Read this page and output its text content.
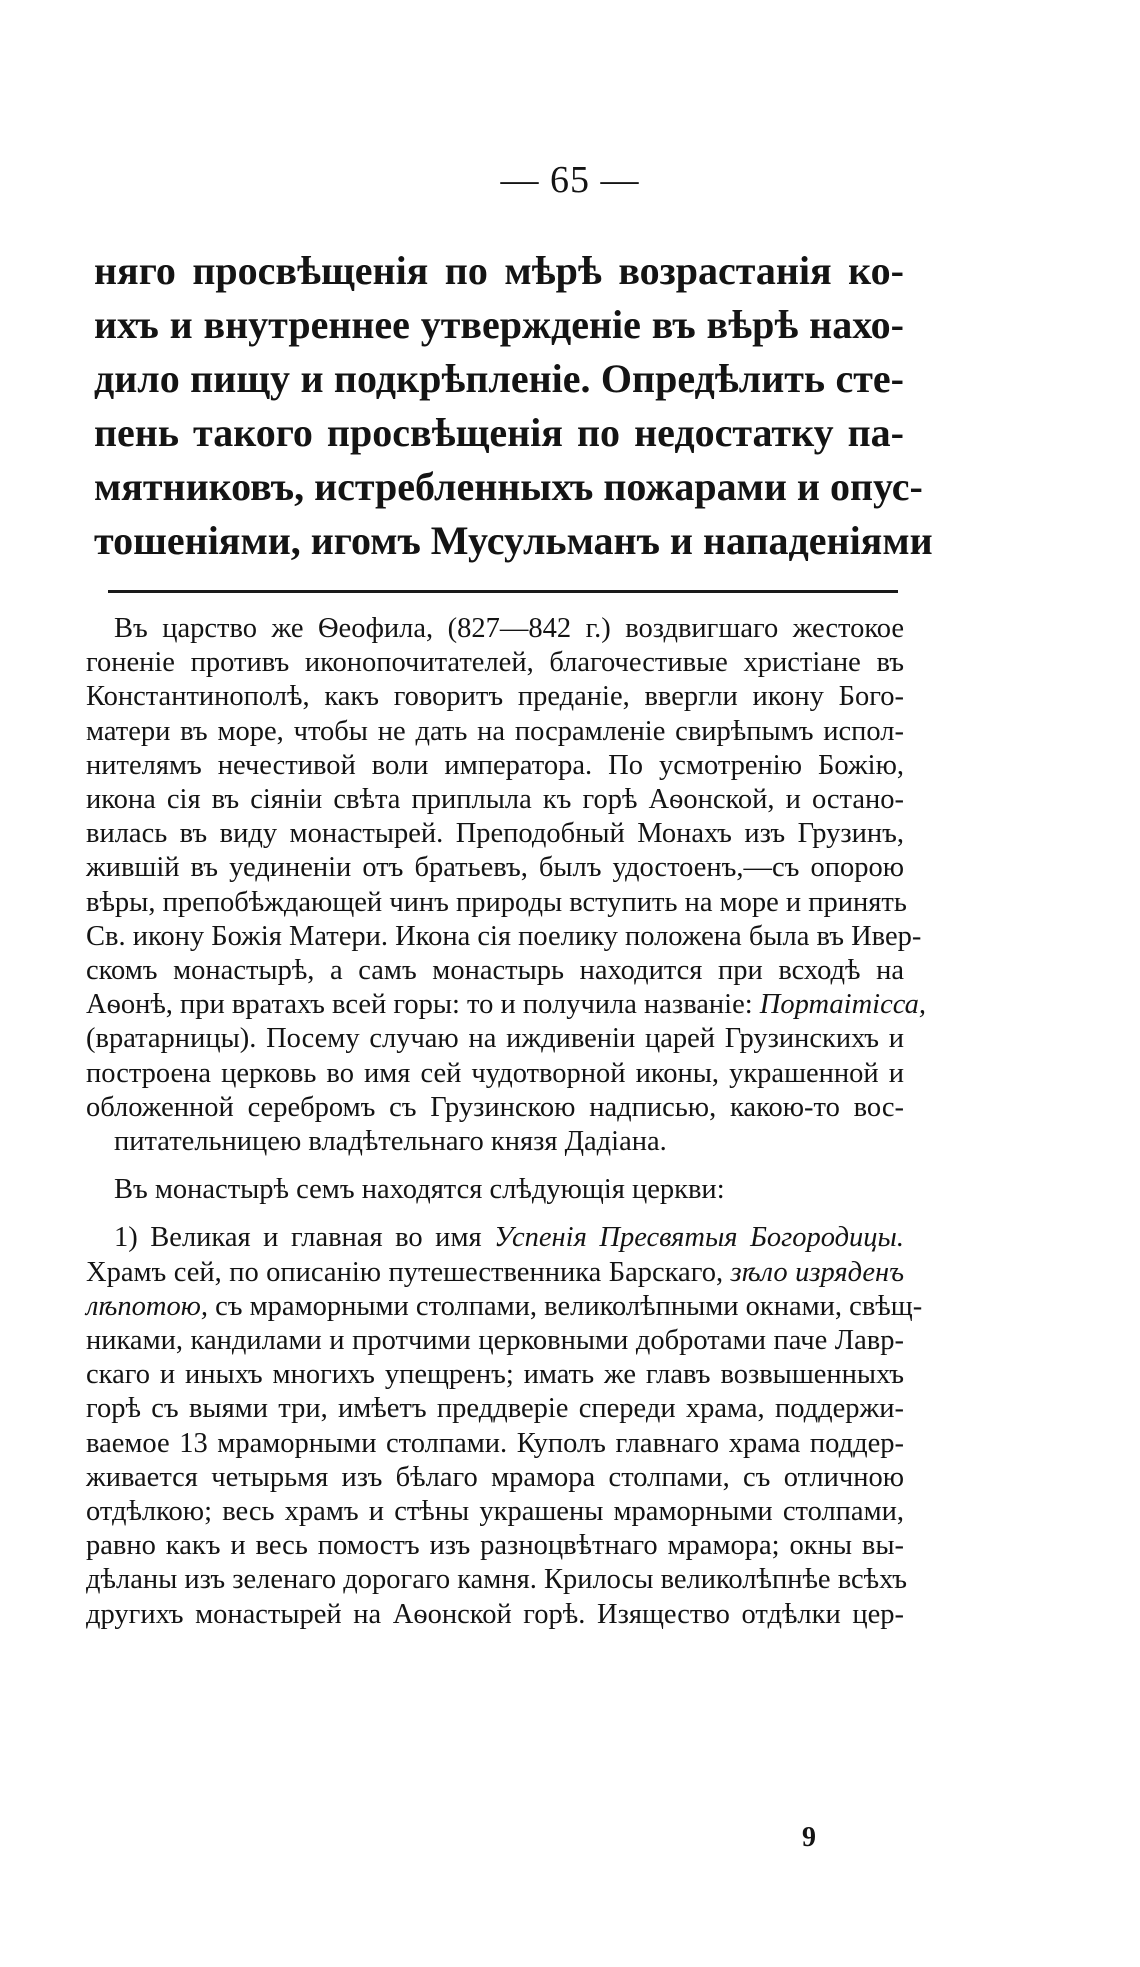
— 65 —
няго просвѣщенія по мѣрѣ возрастанія ко-
ихъ и внутреннее утвержденіе въ вѣрѣ нахо-
дило пищу и подкрѣпленіе. Опредѣлить сте-
пень такого просвѣщенія по недостатку па-
мятниковъ, истребленныхъ пожарами и опус-
тошеніями, игомъ Мусульманъ и нападеніями
Въ царство же Ѳеофила, (827—842 г.) воздвигшаго жестокое
гоненіе противъ иконопочитателей, благочестивые христіане въ
Константинополѣ, какъ говоритъ преданіе, ввергли икону Бого-
матери въ море, чтобы не дать на посрамленіе свирѣпымъ испол-
нителямъ нечестивой воли императора. По усмотренію Божію,
икона сія въ сіяніи свѣта приплыла къ горѣ Аѳонской, и остано-
вилась въ виду монастырей. Преподобный Монахъ изъ Грузинъ,
жившій въ уединеніи отъ братьевъ, былъ удостоенъ,—съ опорою
вѣры, препобѣждающей чинъ природы вступить на море и принять
Св. икону Божія Матери. Икона сія поелику положена была въ Ивер-
скомъ монастырѣ, а самъ монастырь находится при всходѣ на
Аѳонѣ, при вратахъ всей горы: то и получила названіе: Портаітісса,
(вратарницы). Посему случаю на иждивеніи царей Грузинскихъ и
построена церковь во имя сей чудотворной иконы, украшенной и
обложенной серебромъ съ Грузинскою надписью, какою-то вос-
питательницею владѣтельнаго князя Дадіана.
Въ монастырѣ семъ находятся слѣдующія церкви:
1) Великая и главная во имя Успенія Пресвятыя Богородицы.
Храмъ сей, по описанію путешественника Барскаго, зѣло изряденъ
лѣпотою, съ мраморными столпами, великолѣпными окнами, свѣщ-
никами, кандилами и протчими церковными добротами паче Лавр-
скаго и иныхъ многихъ упещренъ; имать же главъ возвышенныхъ
горѣ съ выями три, имѣетъ преддверіе спереди храма, поддержи-
ваемое 13 мраморными столпами. Куполъ главнаго храма поддер-
живается четырьмя изъ бѣлаго мрамора столпами, съ отличною
отдѣлкою; весь храмъ и стѣны украшены мраморными столпами,
равно какъ и весь помостъ изъ разноцвѣтнаго мрамора; окны вы-
дѣланы изъ зеленаго дорогаго камня. Крилосы великолѣпнѣе всѣхъ
другихъ монастырей на Аѳонской горѣ. Изящество отдѣлки цер-
9
